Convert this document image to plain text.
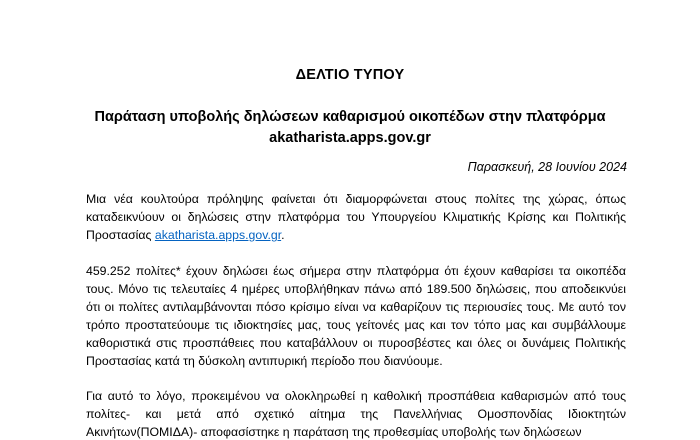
ΔΕΛΤΙΟ ΤΥΠΟΥ
Παράταση υποβολής δηλώσεων καθαρισμού οικοπέδων στην πλατφόρμα
akatharista.apps.gov.gr
Παρασκευή, 28 Ιουνίου 2024

Μια νέα κουλτούρα πρόληψης φαίνεται ότι διαμορφώνεται στους πολίτες της χώρας, όπως καταδεικνύουν οι δηλώσεις στην πλατφόρμα του Υπουργείου Κλιματικής Κρίσης και Πολιτικής Προστασίας akatharista.apps.gov.gr.

459.252 πολίτες* έχουν δηλώσει έως σήμερα στην πλατφόρμα ότι έχουν καθαρίσει τα οικοπέδα τους. Μόνο τις τελευταίες 4 ημέρες υποβλήθηκαν πάνω από 189.500 δηλώσεις, που αποδεικνύει ότι οι πολίτες αντιλαμβάνονται πόσο κρίσιμο είναι να καθαρίζουν τις περιουσίες τους. Με αυτό τον τρόπο προστατεύουμε τις ιδιοκτησίες μας, τους γείτονές μας και τον τόπο μας και συμβάλλουμε καθοριστικά στις προσπάθειες που καταβάλλουν οι πυροσβέστες και όλες οι δυνάμεις Πολιτικής Προστασίας κατά τη δύσκολη αντιπυρική περίοδο που διανύουμε.

Για αυτό το λόγο, προκειμένου να ολοκληρωθεί η καθολική προσπάθεια καθαρισμών από τους πολίτες- και μετά από σχετικό αίτημα της Πανελλήνιας Ομοσπονδίας Ιδιοκτητών Ακινήτων(ΠΟΜΙΔΑ)- αποφασίστηκε η παράταση της προθεσμίας υποβολής των δηλώσεων
